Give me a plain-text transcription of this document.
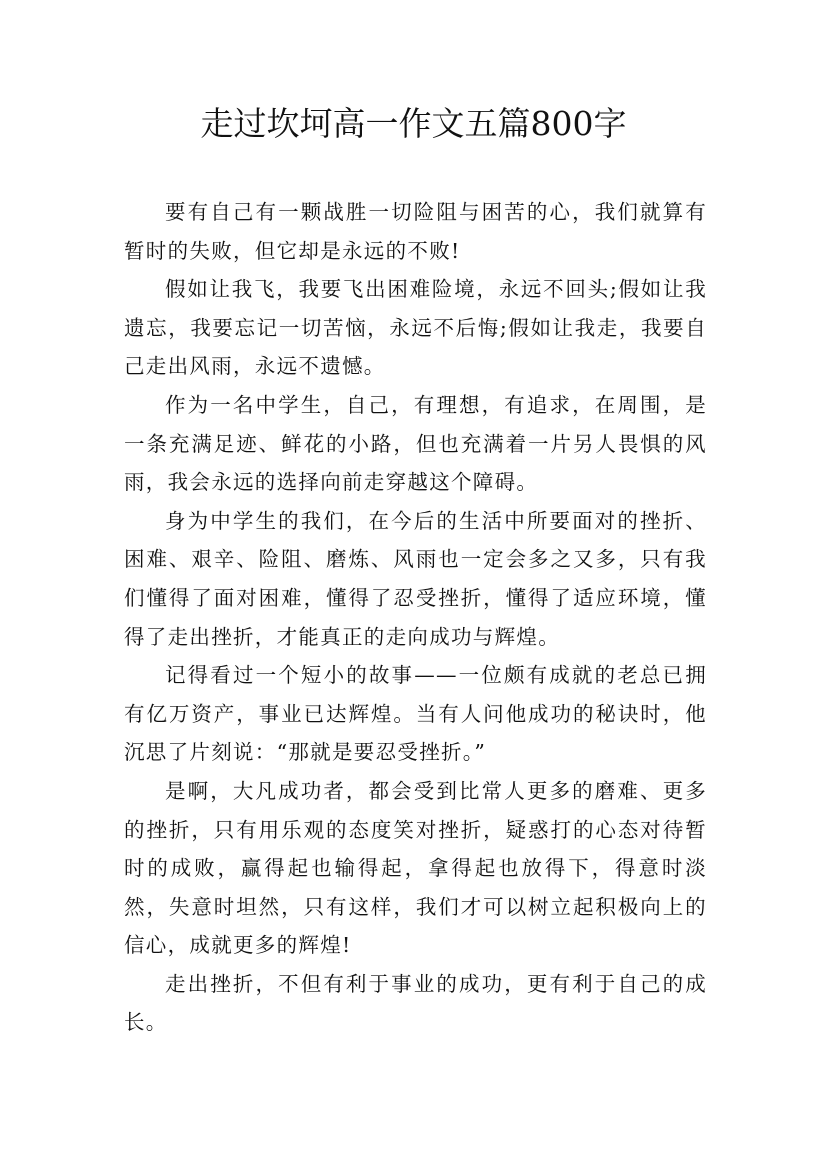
走过坎坷高一作文五篇800字

要有自己有一颗战胜一切险阻与困苦的心，我们就算有暂时的失败，但它却是永远的不败!

假如让我飞，我要飞出困难险境，永远不回头;假如让我遗忘，我要忘记一切苦恼，永远不后悔;假如让我走，我要自己走出风雨，永远不遗憾。

作为一名中学生，自己，有理想，有追求，在周围，是一条充满足迹、鲜花的小路，但也充满着一片另人畏惧的风雨，我会永远的选择向前走穿越这个障碍。

身为中学生的我们，在今后的生活中所要面对的挫折、困难、艰辛、险阻、磨炼、风雨也一定会多之又多，只有我们懂得了面对困难，懂得了忍受挫折，懂得了适应环境，懂得了走出挫折，才能真正的走向成功与辉煌。

记得看过一个短小的故事——一位颇有成就的老总已拥有亿万资产，事业已达辉煌。当有人问他成功的秘诀时，他沉思了片刻说：“那就是要忍受挫折。”

是啊，大凡成功者，都会受到比常人更多的磨难、更多的挫折，只有用乐观的态度笑对挫折，疑惑打的心态对待暂时的成败，赢得起也输得起，拿得起也放得下，得意时淡然，失意时坦然，只有这样，我们才可以树立起积极向上的信心，成就更多的辉煌!

走出挫折，不但有利于事业的成功，更有利于自己的成长。
